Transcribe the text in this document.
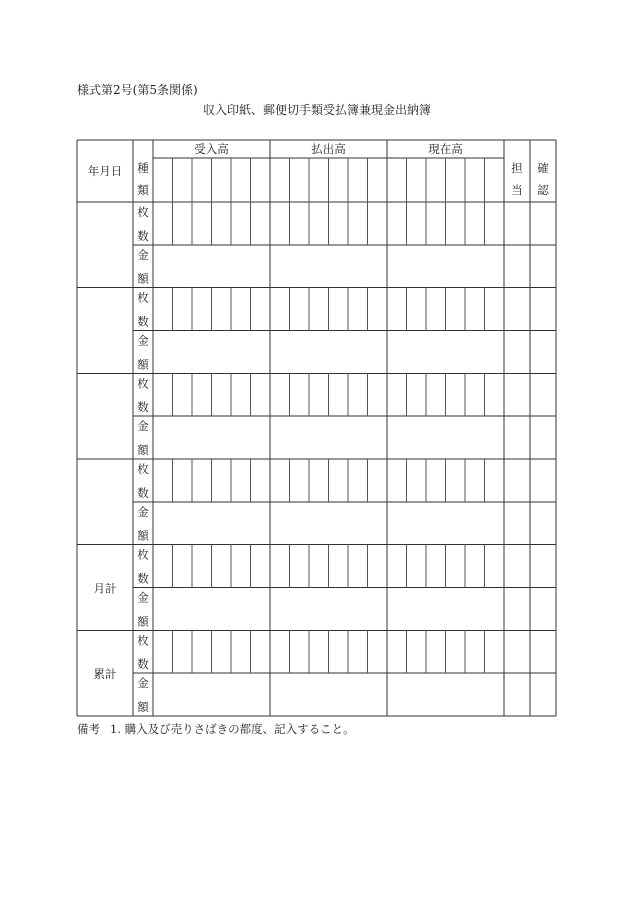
様式第2号(第5条関係)
収入印紙、郵便切手類受払簿兼現金出納簿
受入高	払出高	現在高
年月日 種
類
担
当
確
認
枚
数
金
額
枚
数
金
額
枚
数
金
額
枚
数
金
額
枚
数
金
額
月計
枚
数
金
額
累計
備考 1. 購入及び売りさばきの都度、記入すること。
